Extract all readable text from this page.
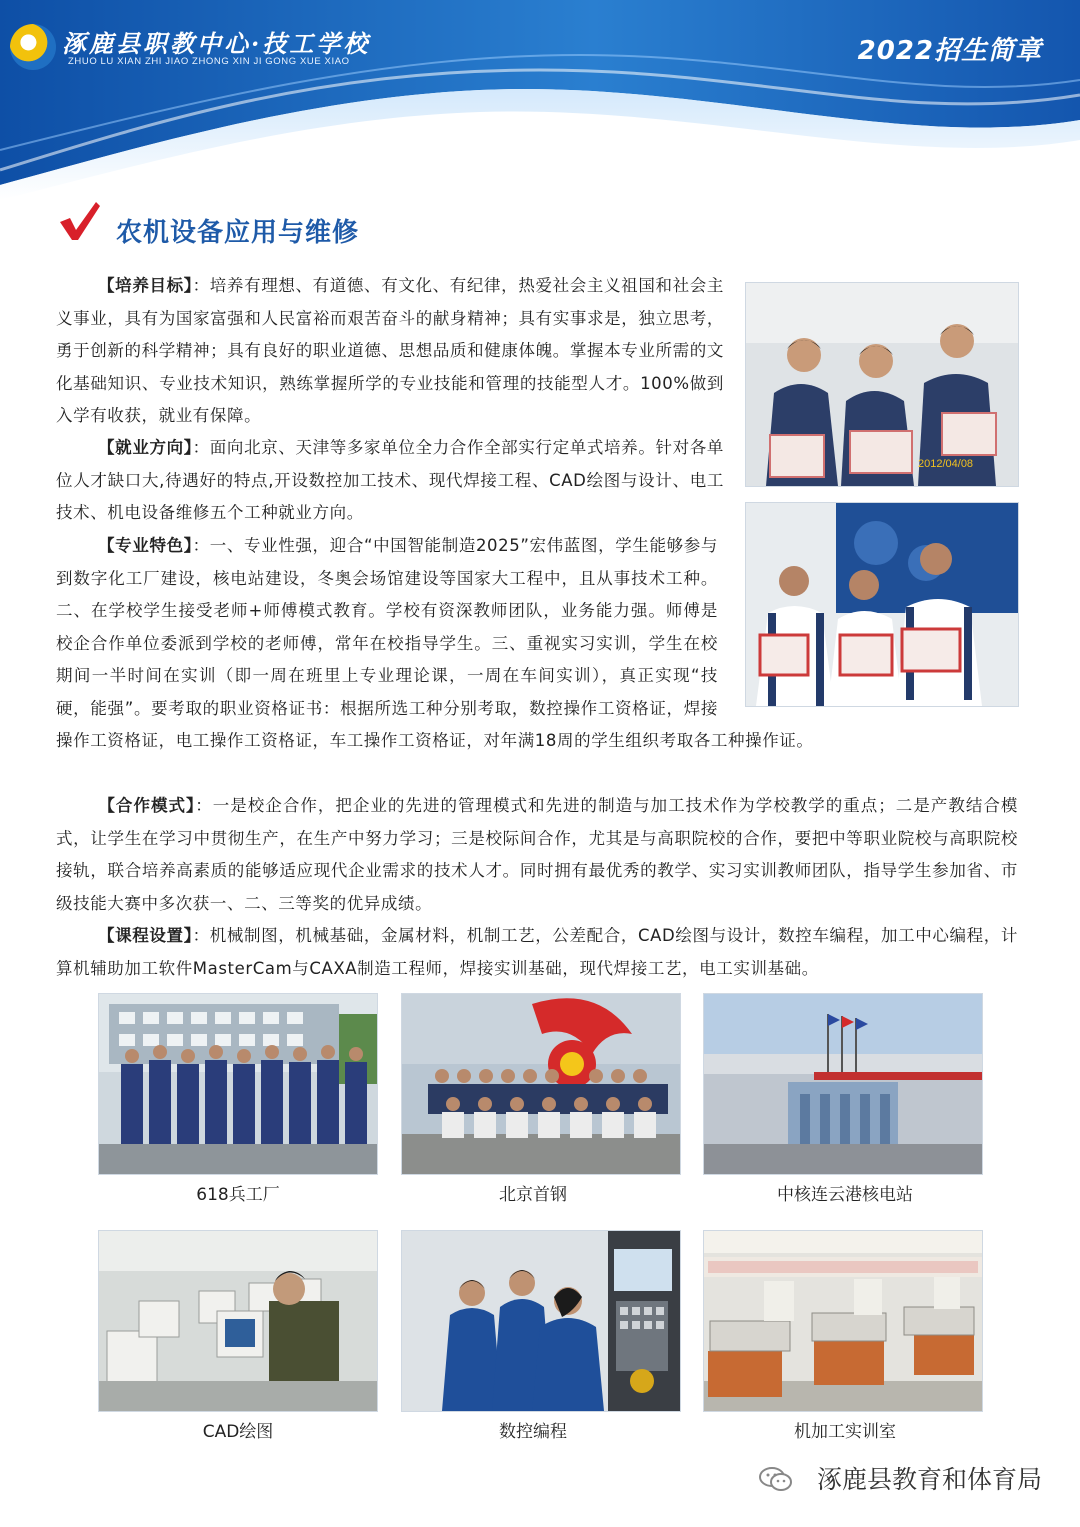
涿鹿县职教中心·技工学校
ZHUO LU XIAN ZHI JIAO ZHONG XIN JI GONG XUE XIAO	2022招生简章
农机设备应用与维修

【培养目标】：培养有理想、有道德、有文化、有纪律，热爱社会主义祖国和社会主义事业，具有为国家富强和人民富裕而艰苦奋斗的献身精神；具有实事求是，独立思考，勇于创新的科学精神；具有良好的职业道德、思想品质和健康体魄。掌握本专业所需的文化基础知识、专业技术知识，熟练掌握所学的专业技能和管理的技能型人才。100%做到入学有收获，就业有保障。

【就业方向】：面向北京、天津等多家单位全力合作全部实行定单式培养。针对各单位人才缺口大,待遇好的特点,开设数控加工技术、现代焊接工程、CAD绘图与设计、电工技术、机电设备维修五个工种就业方向。

【专业特色】：一、专业性强，迎合“中国智能制造2025”宏伟蓝图，学生能够参与到数字化工厂建设，核电站建设，冬奥会场馆建设等国家大工程中，且从事技术工种。二、在学校学生接受老师+师傅模式教育。学校有资深教师团队，业务能力强。师傅是校企合作单位委派到学校的老师傅，常年在校指导学生。三、重视实习实训，学生在校期间一半时间在实训（即一周在班里上专业理论课，一周在车间实训），真正实现“技硬，能强”。要考取的职业资格证书：根据所选工种分别考取，数控操作工资格证，焊接操作工资格证，电工操作工资格证，车工操作工资格证，对年满18周的学生组织考取各工种操作证。

【合作模式】：一是校企合作，把企业的先进的管理模式和先进的制造与加工技术作为学校教学的重点；二是产教结合模式，让学生在学习中贯彻生产，在生产中努力学习；三是校际间合作，尤其是与高职院校的合作，要把中等职业院校与高职院校接轨，联合培养高素质的能够适应现代企业需求的技术人才。同时拥有最优秀的教学、实习实训教师团队，指导学生参加省、市级技能大赛中多次获一、二、三等奖的优异成绩。

【课程设置】：机械制图，机械基础，金属材料，机制工艺，公差配合，CAD绘图与设计，数控车编程，加工中心编程，计算机辅助加工软件MasterCam与CAXA制造工程师，焊接实训基础，现代焊接工艺，电工实训基础。

2012/04/08
618兵工厂	北京首钢	中核连云港核电站
CAD绘图	数控编程	机加工实训室
涿鹿县教育和体育局
